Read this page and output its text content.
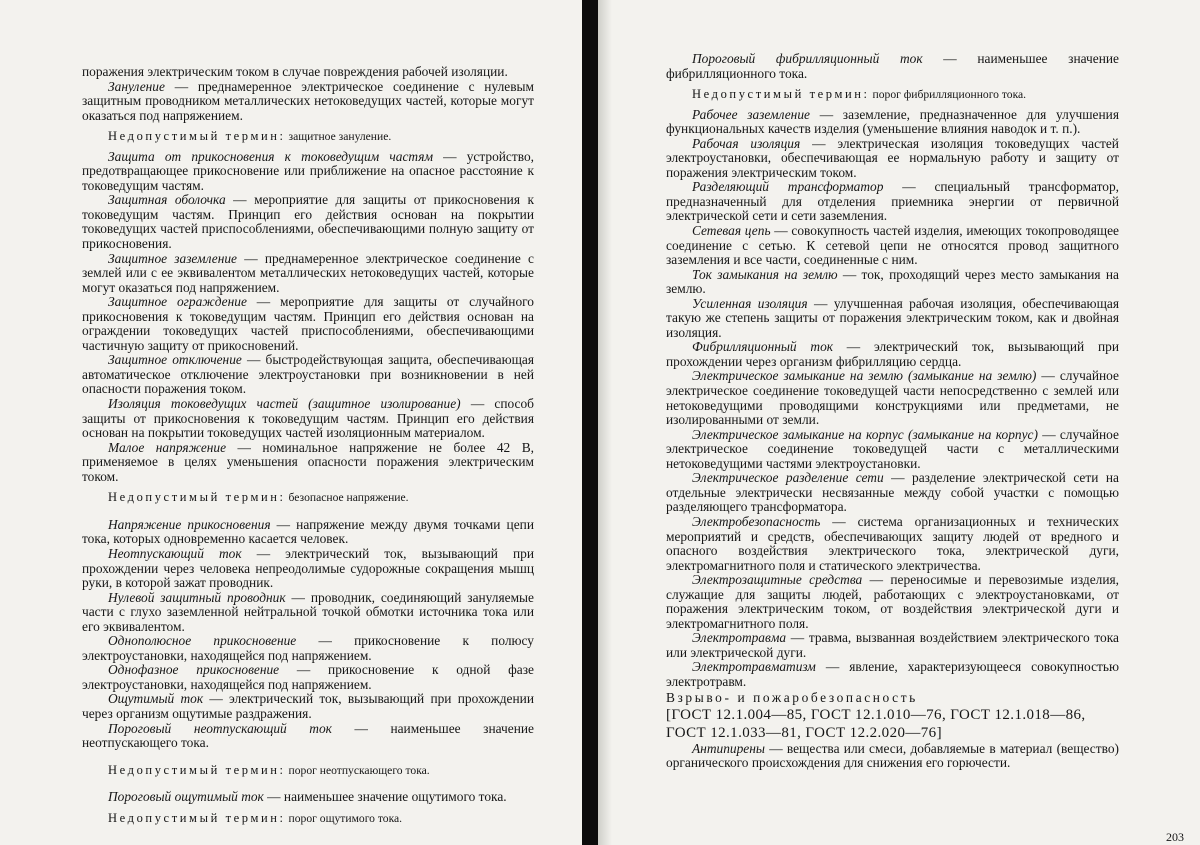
поражения электрическим током в случае повреждения рабочей изоляции.

Зануление — преднамеренное электрическое соединение с нулевым защитным проводником металлических нетоковедущих частей, которые могут оказаться под напряжением.

Недопустимый термин: защитное зануление.

Защита от прикосновения к токоведущим частям — устройство, предотвращающее прикосновение или приближение на опасное расстояние к токоведущим частям.

Защитная оболочка — мероприятие для защиты от прикосновения к токоведущим частям. Принцип его действия основан на покрытии токоведущих частей приспособлениями, обеспечивающими полную защиту от прикосновения.

Защитное заземление — преднамеренное электрическое соединение с землей или с ее эквивалентом металлических нетоковедущих частей, которые могут оказаться под напряжением.

Защитное ограждение — мероприятие для защиты от случайного прикосновения к токоведущим частям. Принцип его действия основан на ограждении токоведущих частей приспособлениями, обеспечивающими частичную защиту от прикосновений.

Защитное отключение — быстродействующая защита, обеспечивающая автоматическое отключение электроустановки при возникновении в ней опасности поражения током.

Изоляция токоведущих частей (защитное изолирование) — способ защиты от прикосновения к токоведущим частям. Принцип его действия основан на покрытии токоведущих частей изоляционным материалом.

Малое напряжение — номинальное напряжение не более 42 В, применяемое в целях уменьшения опасности поражения электрическим током.

Недопустимый термин: безопасное напряжение.

Напряжение прикосновения — напряжение между двумя точками цепи тока, которых одновременно касается человек.

Неотпускающий ток — электрический ток, вызывающий при прохождении через человека непреодолимые судорожные сокращения мышц руки, в которой зажат проводник.

Нулевой защитный проводник — проводник, соединяющий зануляемые части с глухо заземленной нейтральной точкой обмотки источника тока или его эквивалентом.

Однополюсное прикосновение — прикосновение к полюсу электроустановки, находящейся под напряжением.

Однофазное прикосновение — прикосновение к одной фазе электроустановки, находящейся под напряжением.

Ощутимый ток — электрический ток, вызывающий при прохождении через организм ощутимые раздражения.

Пороговый неотпускающий ток — наименьшее значение неотпускающего тока.

Недопустимый термин: порог неотпускающего тока.

Пороговый ощутимый ток — наименьшее значение ощутимого тока.

Недопустимый термин: порог ощутимого тока.

Пороговый фибрилляционный ток — наименьшее значение фибрилляционного тока.

Недопустимый термин: порог фибрилляционного тока.

Рабочее заземление — заземление, предназначенное для улучшения функциональных качеств изделия (уменьшение влияния наводок и т. п.).

Рабочая изоляция — электрическая изоляция токоведущих частей электроустановки, обеспечивающая ее нормальную работу и защиту от поражения электрическим током.

Разделяющий трансформатор — специальный трансформатор, предназначенный для отделения приемника энергии от первичной электрической сети и сети заземления.

Сетевая цепь — совокупность частей изделия, имеющих токопроводящее соединение с сетью. К сетевой цепи не относятся провод защитного заземления и все части, соединенные с ним.

Ток замыкания на землю — ток, проходящий через место замыкания на землю.

Усиленная изоляция — улучшенная рабочая изоляция, обеспечивающая такую же степень защиты от поражения электрическим током, как и двойная изоляция.

Фибрилляционный ток — электрический ток, вызывающий при прохождении через организм фибрилляцию сердца.

Электрическое замыкание на землю (замыкание на землю) — случайное электрическое соединение токоведущей части непосредственно с землей или нетоковедущими проводящими конструкциями или предметами, не изолированными от земли.

Электрическое замыкание на корпус (замыкание на корпус) — случайное электрическое соединение токоведущей части с металлическими нетоковедущими частями электроустановки.

Электрическое разделение сети — разделение электрической сети на отдельные электрически несвязанные между собой участки с помощью разделяющего трансформатора.

Электробезопасность — система организационных и технических мероприятий и средств, обеспечивающих защиту людей от вредного и опасного воздействия электрического тока, электрической дуги, электромагнитного поля и статического электричества.

Электрозащитные средства — переносимые и перевозимые изделия, служащие для защиты людей, работающих с электроустановками, от поражения электрическим током, от воздействия электрической дуги и электромагнитного поля.

Электротравма — травма, вызванная воздействием электрического тока или электрической дуги.

Электротравматизм — явление, характеризующееся совокупностью электротравм.

Взрыво- и пожаробезопасность

[ГОСТ 12.1.004—85, ГОСТ 12.1.010—76, ГОСТ 12.1.018—86, ГОСТ 12.1.033—81, ГОСТ 12.2.020—76]

Антипирены — вещества или смеси, добавляемые в материал (вещество) органического происхождения для снижения его горючести.

203
